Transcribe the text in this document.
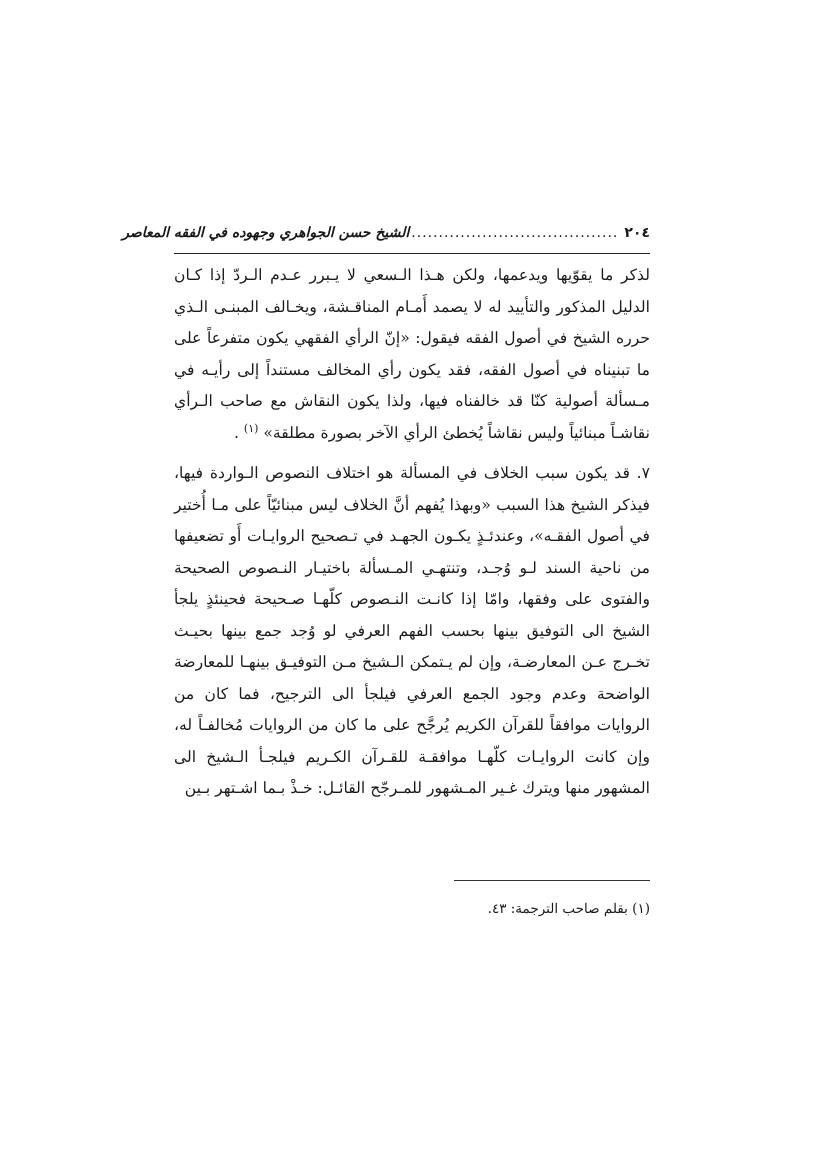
٢٠٤
......................................
الشيخ حسن الجواهري وجهوده في الفقه المعاصر

لذكر ما يقوّيها ويدعمها، ولكن هـذا الـسعي لا يـبرر عـدم الـردّ إذا كـان الدليل المذكور والتأييد له لا يصمد أَمـام المناقـشة، ويخـالف المبنـى الـذي حرره الشيخ في أصول الفقه فيقول: «إنّ الرأي الفقهي يكون متفرعاً على ما تبنيناه في أصول الفقه، فقد يكون رأي المخالف مستنداً إلى رأيـه في مـسألة أصولية كنّا قد خالفناه فيها، ولذا يكون النقاش مع صاحب الـرأي نقاشـاً مبنائياً وليس نقاشاً يُخطئ الرأي الآخر بصورة مطلقة» $^{(١)}$ .

٧. قد يكون سبب الخلاف في المسألة هو اختلاف النصوص الـواردة فيها، فيذكر الشيخ هذا السبب «وبهذا يُفهم أنَّ الخلاف ليس مبنائيّاً على مـا أُختير في أصول الفقـه»، وعندئـذٍ يكـون الجهـد في تـصحيح الروايـات أَو تضعيفها من ناحية السند لـو وُجـد، وتنتهـي المـسألة باختيـار النـصوص الصحيحة والفتوى على وفقها، وامّا إذا كانـت النـصوص كلّهـا صـحيحة فحينئذٍ يلجأ الشيخ الى التوفيق بينها بحسب الفهم العرفي لو وُجد جمع بينها بحيـث تخـرج عـن المعارضـة، وإن لم يـتمكن الـشيخ مـن التوفيـق بينهـا للمعارضة الواضحة وعدم وجود الجمع العرفي فيلجأ الى الترجيح، فما كان من الروايات موافقاً للقرآن الكريم يُرجَّح على ما كان من الروايات مُخالفـاً له، وإن كانت الروايـات كلّهـا موافقـة للقـرآن الكـريم فيلجـأ الـشيخ الى المشهور منها ويترك غـير المـشهور للمـرجّح القائـل: خـذْ بـما اشـتهر بـين

(١) بقلم صاحب الترجمة: ٤٣.
